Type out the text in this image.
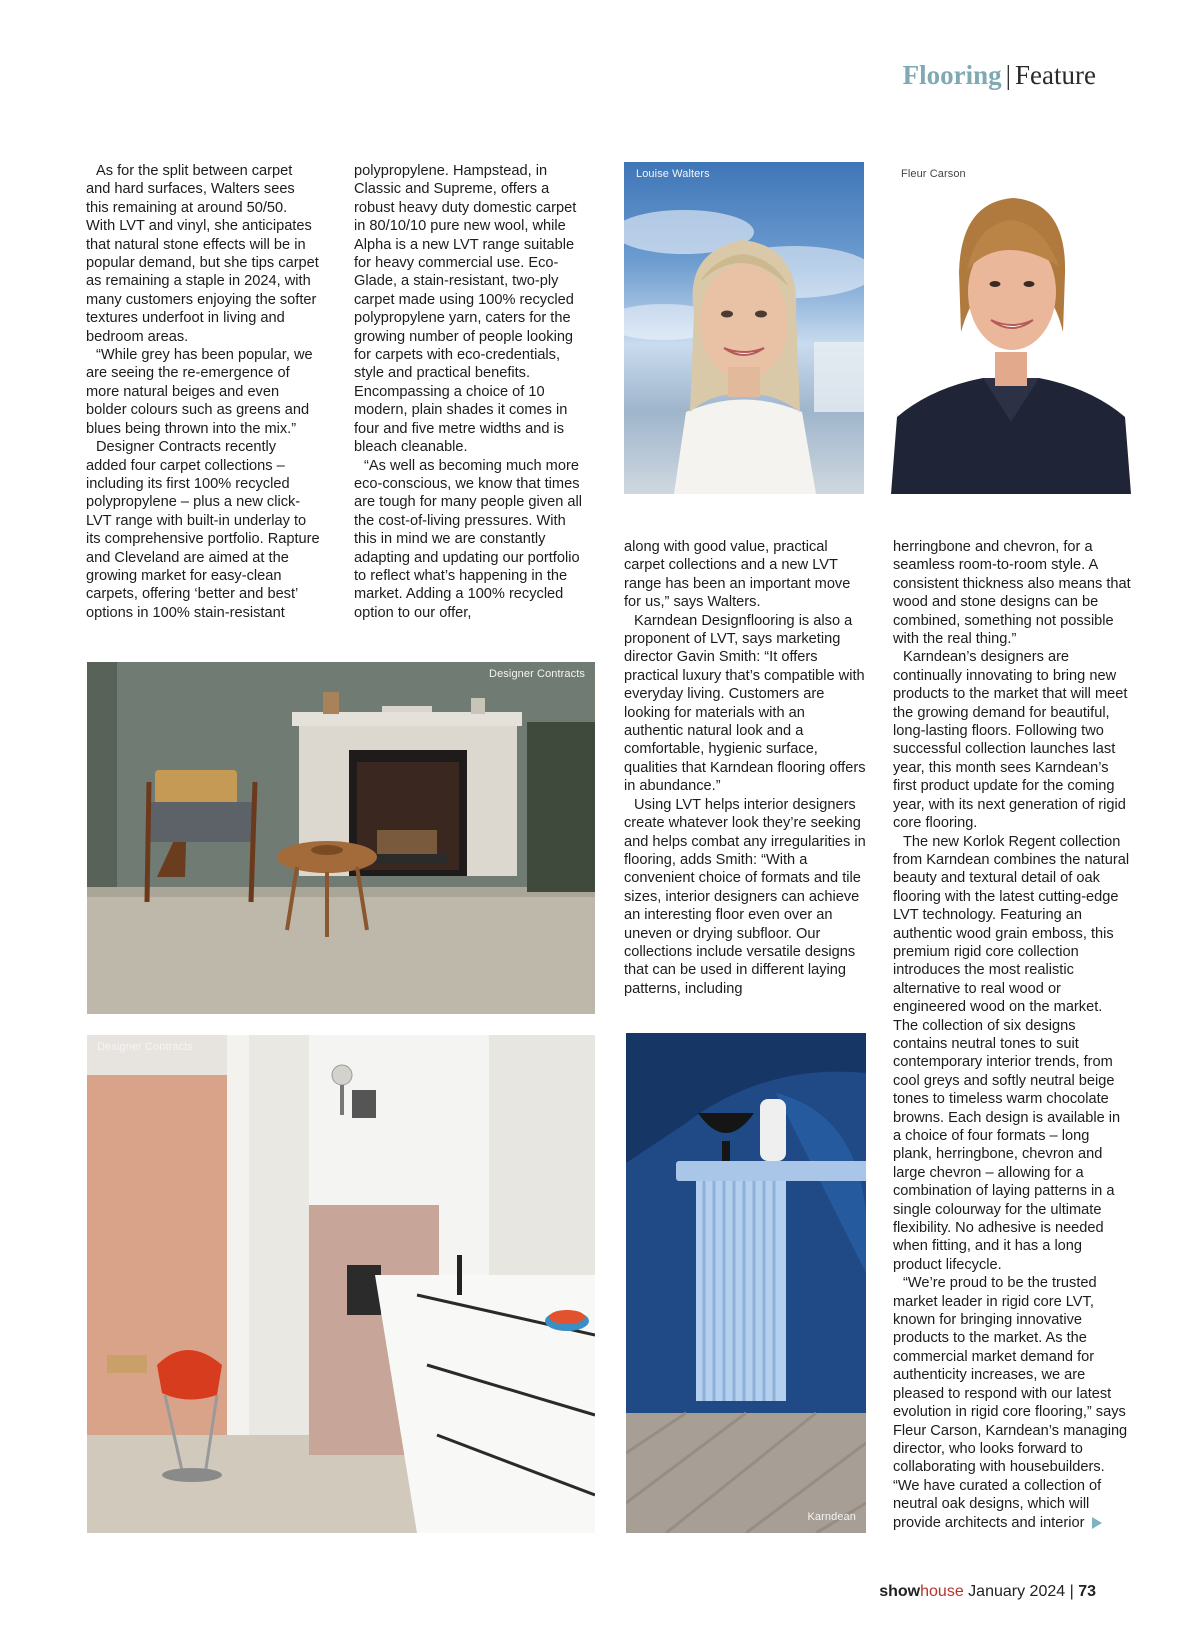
Flooring | Feature

As for the split between carpet and hard surfaces, Walters sees this remaining at around 50/50. With LVT and vinyl, she anticipates that natural stone effects will be in popular demand, but she tips carpet as remaining a staple in 2024, with many customers enjoying the softer textures underfoot in living and bedroom areas.

“While grey has been popular, we are seeing the re-emergence of more natural beiges and even bolder colours such as greens and blues being thrown into the mix.”

Designer Contracts recently added four carpet collections – including its first 100% recycled polypropylene – plus a new click-LVT range with built-in underlay to its comprehensive portfolio. Rapture and Cleveland are aimed at the growing market for easy-clean carpets, offering ‘better and best’ options in 100% stain-resistant

polypropylene. Hampstead, in Classic and Supreme, offers a robust heavy duty domestic carpet in 80/10/10 pure new wool, while Alpha is a new LVT range suitable for heavy commercial use. Eco-Glade, a stain-resistant, two-ply carpet made using 100% recycled polypropylene yarn, caters for the growing number of people looking for carpets with eco-credentials, style and practical benefits. Encompassing a choice of 10 modern, plain shades it comes in four and five metre widths and is bleach cleanable.

“As well as becoming much more eco-conscious, we know that times are tough for many people given all the cost-of-living pressures. With this in mind we are constantly adapting and updating our portfolio to reflect what’s happening in the market. Adding a 100% recycled option to our offer,

Louise Walters	Fleur Carson

along with good value, practical carpet collections and a new LVT range has been an important move for us,” says Walters.

Karndean Designflooring is also a proponent of LVT, says marketing director Gavin Smith: “It offers practical luxury that’s compatible with everyday living. Customers are looking for materials with an authentic natural look and a comfortable, hygienic surface, qualities that Karndean flooring offers in abundance.”

Using LVT helps interior designers create whatever look they’re seeking and helps combat any irregularities in flooring, adds Smith: “With a convenient choice of formats and tile sizes, interior designers can achieve an interesting floor even over an uneven or drying subfloor. Our collections include versatile designs that can be used in different laying patterns, including

herringbone and chevron, for a seamless room-to-room style. A consistent thickness also means that wood and stone designs can be combined, something not possible with the real thing.”

Karndean’s designers are continually innovating to bring new products to the market that will meet the growing demand for beautiful, long-lasting floors. Following two successful collection launches last year, this month sees Karndean’s first product update for the coming year, with its next generation of rigid core flooring.

The new Korlok Regent collection from Karndean combines the natural beauty and textural detail of oak flooring with the latest cutting-edge LVT technology. Featuring an authentic wood grain emboss, this premium rigid core collection introduces the most realistic alternative to real wood or engineered wood on the market. The collection of six designs contains neutral tones to suit contemporary interior trends, from cool greys and softly neutral beige tones to timeless warm chocolate browns. Each design is available in a choice of four formats – long plank, herringbone, chevron and large chevron – allowing for a combination of laying patterns in a single colourway for the ultimate flexibility. No adhesive is needed when fitting, and it has a long product lifecycle.

“We’re proud to be the trusted market leader in rigid core LVT, known for bringing innovative products to the market. As the commercial market demand for authenticity increases, we are pleased to respond with our latest evolution in rigid core flooring,” says Fleur Carson, Karndean’s managing director, who looks forward to collaborating with housebuilders. “We have curated a collection of neutral oak designs, which will provide architects and interior

Designer Contracts
Designer Contracts
Karndean
showhouse January 2024 | 73
